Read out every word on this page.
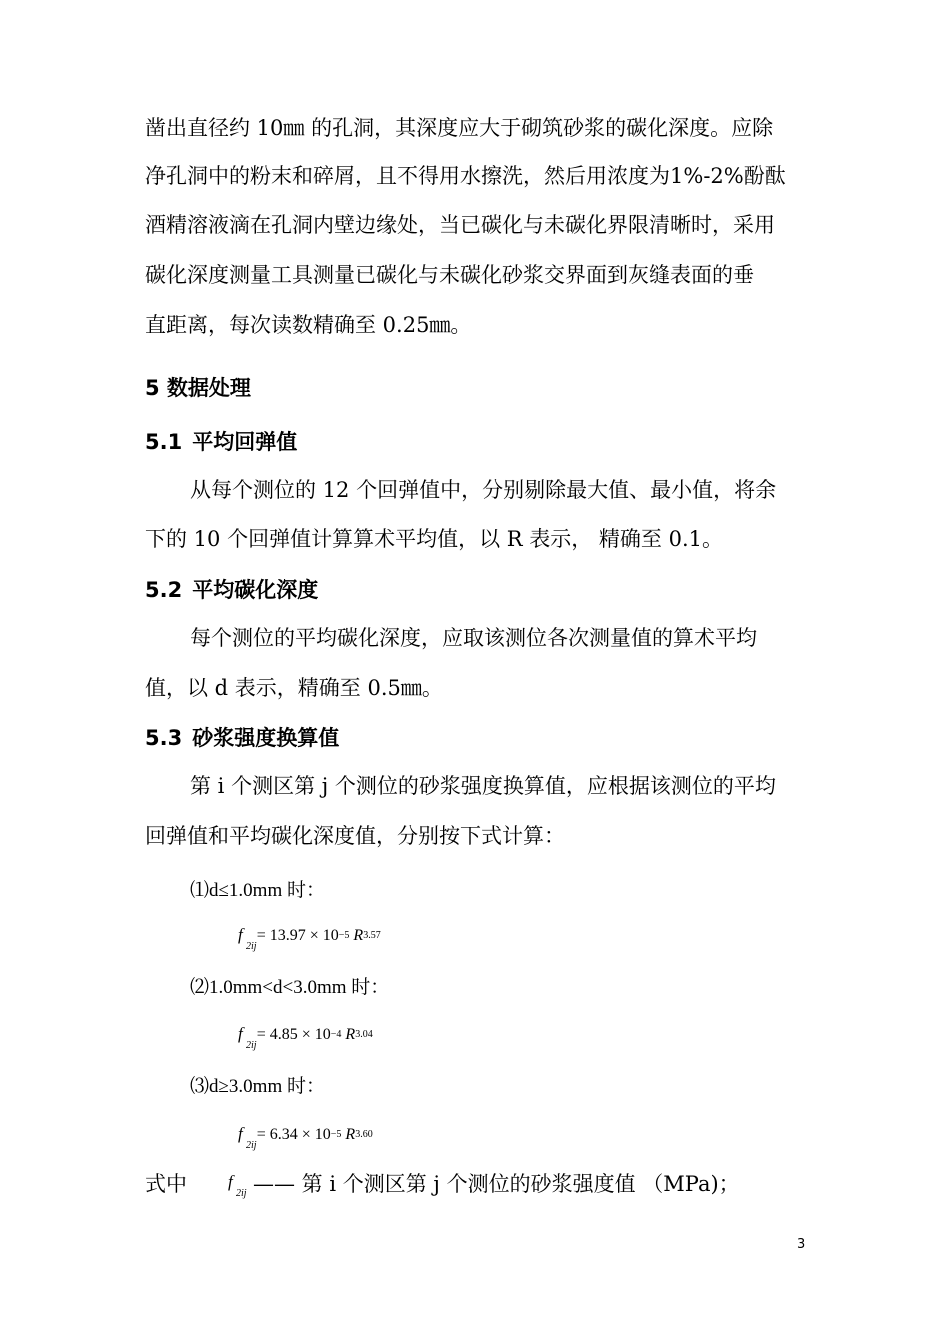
凿出直径约 10㎜ 的孔洞，其深度应大于砌筑砂浆的碳化深度。应除
净孔洞中的粉末和碎屑，且不得用水擦洗，然后用浓度为1%-2%酚酞
酒精溶液滴在孔洞内壁边缘处，当已碳化与未碳化界限清晰时，采用
碳化深度测量工具测量已碳化与未碳化砂浆交界面到灰缝表面的垂
直距离，每次读数精确至 0.25㎜。
5 数据处理
5.1 平均回弹值
从每个测位的 12 个回弹值中，分别剔除最大值、最小值，将余
下的 10 个回弹值计算算术平均值，以 R 表示， 精确至 0.1。
5.2 平均碳化深度
每个测位的平均碳化深度，应取该测位各次测量值的算术平均
值，以 d 表示，精确至 0.5㎜。
5.3 砂浆强度换算值
第 i 个测区第 j 个测位的砂浆强度换算值，应根据该测位的平均
回弹值和平均碳化深度值，分别按下式计算：
⑴d≤1.0mm 时：
f
2ij
= 13.97 × 10−5 R3.57
⑵1.0mm<d<3.0mm 时：
f
2ij
= 4.85 × 10−4 R3.04
⑶d≥3.0mm 时：
f
2ij
= 6.34 × 10−5 R3.60
式中 f
2ij —— 第 i 个测区第 j 个测位的砂浆强度值 （MPa)；
3
